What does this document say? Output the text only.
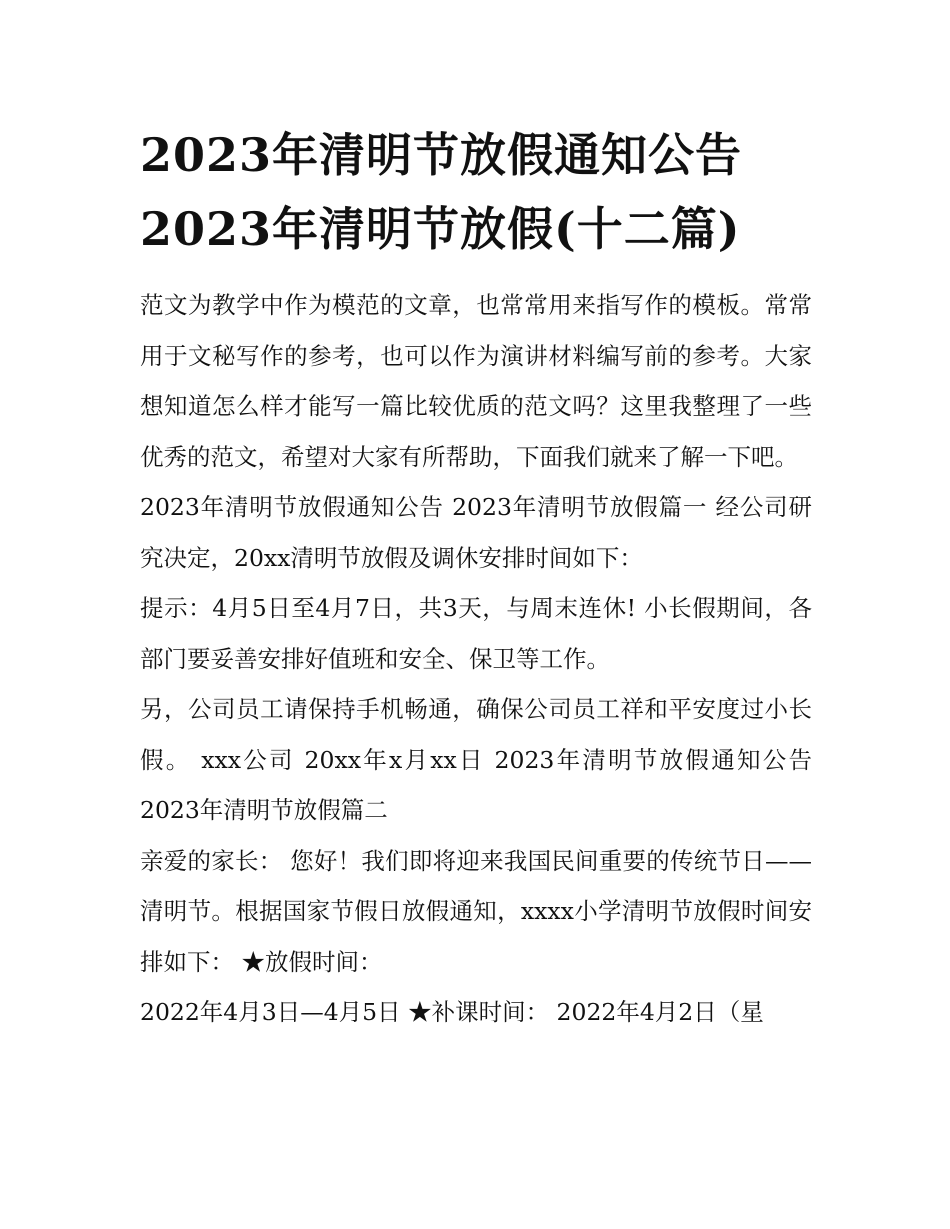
2023年清明节放假通知公告
2023年清明节放假(十二篇)

范文为教学中作为模范的文章，也常常用来指写作的模板。常常用于文秘写作的参考，也可以作为演讲材料编写前的参考。大家想知道怎么样才能写一篇比较优质的范文吗？这里我整理了一些优秀的范文，希望对大家有所帮助，下面我们就来了解一下吧。

2023年清明节放假通知公告 2023年清明节放假篇一 经公司研究决定，20xx清明节放假及调休安排时间如下：

提示：4月5日至4月7日，共3天，与周末连休! 小长假期间，各部门要妥善安排好值班和安全、保卫等工作。

另，公司员工请保持手机畅通，确保公司员工祥和平安度过小长假。 xxx公司 20xx年x月xx日 2023年清明节放假通知公告 2023年清明节放假篇二

亲爱的家长： 您好！我们即将迎来我国民间重要的传统节日——清明节。根据国家节假日放假通知，xxxx小学清明节放假时间安排如下： ★放假时间：

2022年4月3日—4月5日 ★补课时间： 2022年4月2日（星
